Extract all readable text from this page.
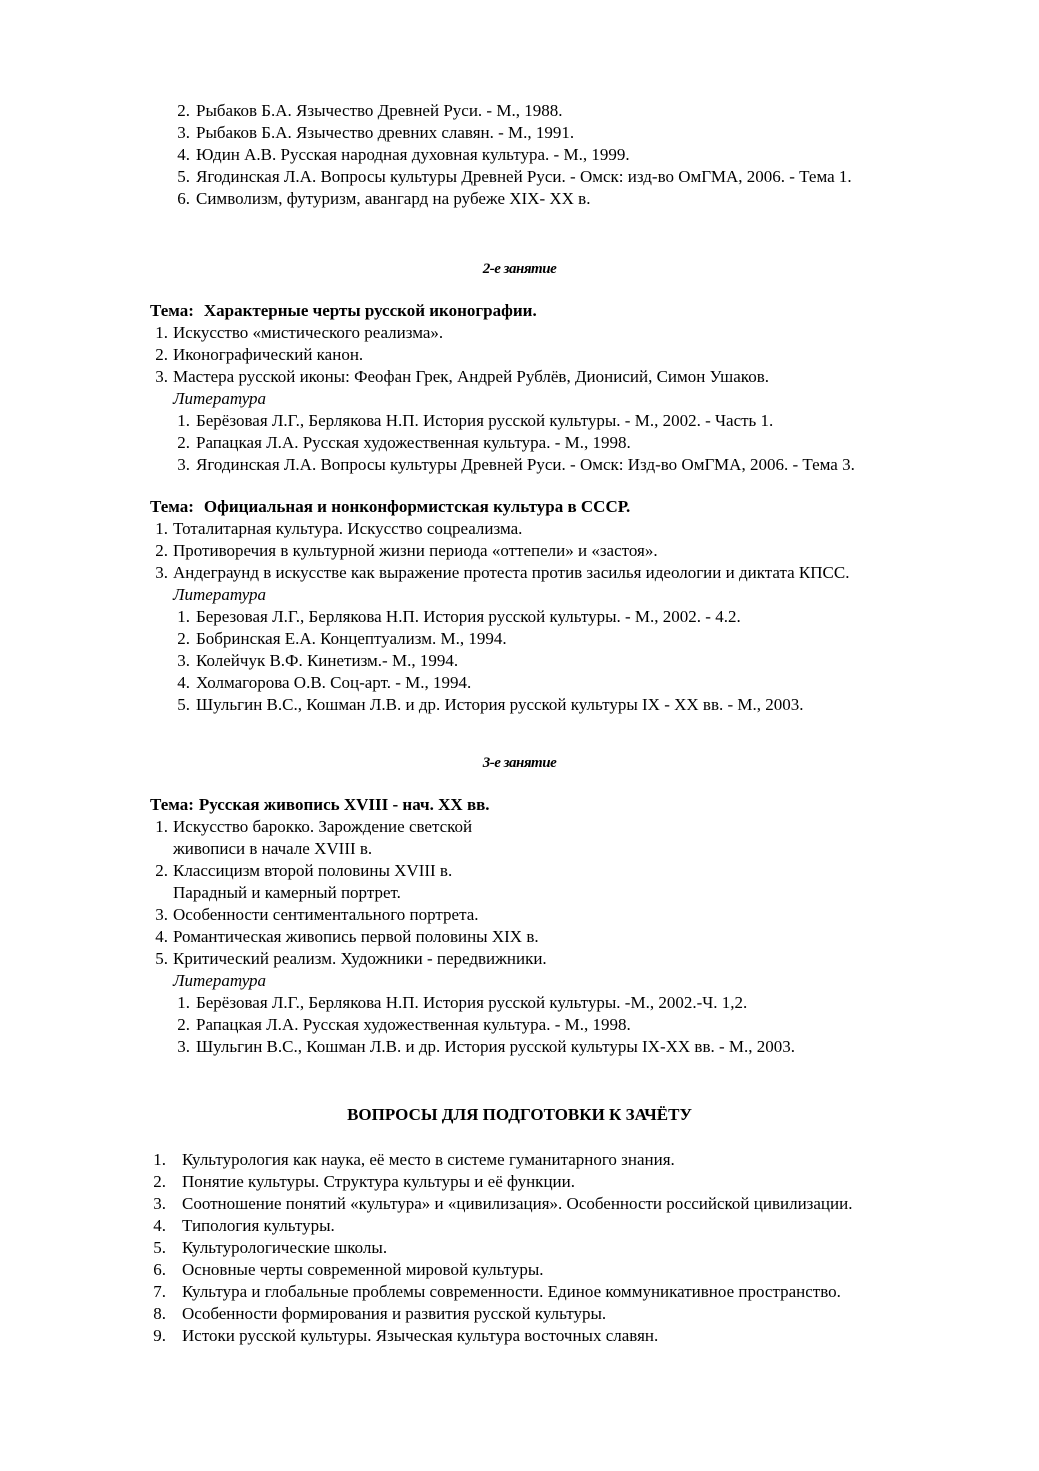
2. Рыбаков Б.А. Язычество Древней Руси. - М., 1988.
3. Рыбаков Б.А. Язычество древних славян. - М., 1991.
4. Юдин А.В. Русская народная духовная культура. - М., 1999.
5. Ягодинская Л.А. Вопросы культуры Древней Руси. - Омск: изд-во ОмГМА, 2006. - Тема 1.
6. Символизм, футуризм, авангард на рубеже XIX- XX в.
2-е занятие
Тема: Характерные черты русской иконографии.
1. Искусство «мистического реализма».
2. Иконографический канон.
3. Мастера русской иконы: Феофан Грек, Андрей Рублёв, Дионисий, Симон Ушаков.
Литература
1. Берёзовая Л.Г., Берлякова Н.П. История русской культуры. - М., 2002. - Часть 1.
2. Рапацкая Л.А. Русская художественная культура. - М., 1998.
3. Ягодинская Л.А. Вопросы культуры Древней Руси. - Омск: Изд-во ОмГМА, 2006. - Тема 3.
Тема: Официальная и нонконформистская культура в СССР.
1. Тоталитарная культура. Искусство соцреализма.
2. Противоречия в культурной жизни периода «оттепели» и «застоя».
3. Андеграунд в искусстве как выражение протеста против засилья идеологии и диктата КПСС.
Литература
1. Березовая Л.Г., Берлякова Н.П. История русской культуры. - М., 2002. - 4.2.
2. Бобринская Е.А. Концептуализм. М., 1994.
3. Колейчук В.Ф. Кинетизм.- М., 1994.
4. Холмагорова О.В. Соц-арт. - М., 1994.
5. Шульгин В.С., Кошман Л.В. и др. История русской культуры IX - XX вв. - М., 2003.
3-е занятие
Тема: Русская живопись XVIII - нач. XX вв.
1. Искусство барокко. Зарождение светской
живописи в начале XVIII в.
2. Классицизм второй половины XVIII в.
Парадный и камерный портрет.
3. Особенности сентиментального портрета.
4. Романтическая живопись первой половины XIX в.
5. Критический реализм. Художники - передвижники.
Литература
1. Берёзовая Л.Г., Берлякова Н.П. История русской культуры. -М., 2002.-Ч. 1,2.
2. Рапацкая Л.А. Русская художественная культура. - М., 1998.
3. Шульгин В.С., Кошман Л.В. и др. История русской культуры IX-XX вв. - М., 2003.
ВОПРОСЫ ДЛЯ ПОДГОТОВКИ К ЗАЧЁТУ
1. Культурология как наука, её место в системе гуманитарного знания.
2. Понятие культуры. Структура культуры и её функции.
3. Соотношение понятий «культура» и «цивилизация». Особенности российской цивилизации.
4. Типология культуры.
5. Культурологические школы.
6. Основные черты современной мировой культуры.
7. Культура и глобальные проблемы современности. Единое коммуникативное пространство.
8. Особенности формирования и развития русской культуры.
9. Истоки русской культуры. Языческая культура восточных славян.
